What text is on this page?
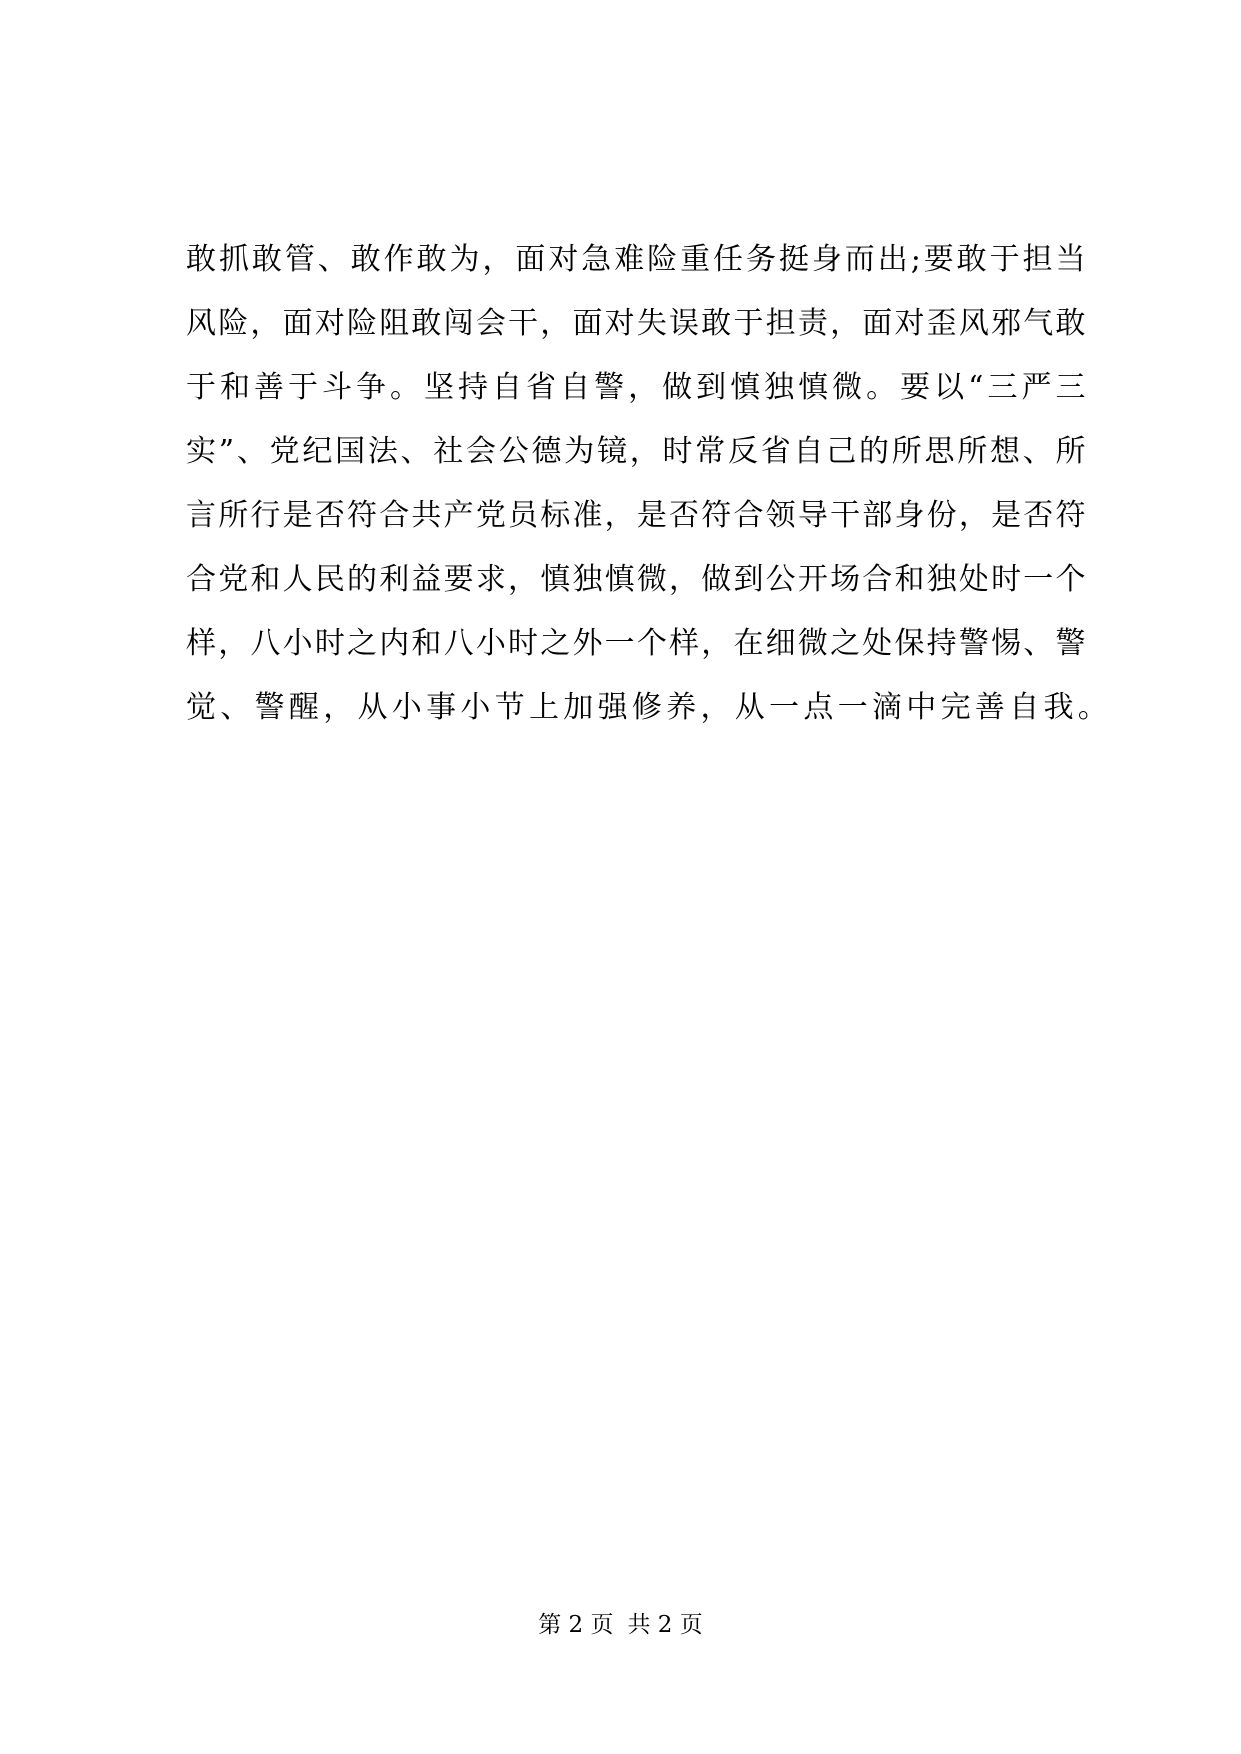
敢抓敢管、敢作敢为，面对急难险重任务挺身而出;要敢于担当
风险，面对险阻敢闯会干，面对失误敢于担责，面对歪风邪气敢
于和善于斗争。坚持自省自警，做到慎独慎微。要以“三严三
实”、党纪国法、社会公德为镜，时常反省自己的所思所想、所
言所行是否符合共产党员标准，是否符合领导干部身份，是否符
合党和人民的利益要求，慎独慎微，做到公开场合和独处时一个
样，八小时之内和八小时之外一个样，在细微之处保持警惕、警
觉、警醒，从小事小节上加强修养，从一点一滴中完善自我。
第 2 页 共 2 页
